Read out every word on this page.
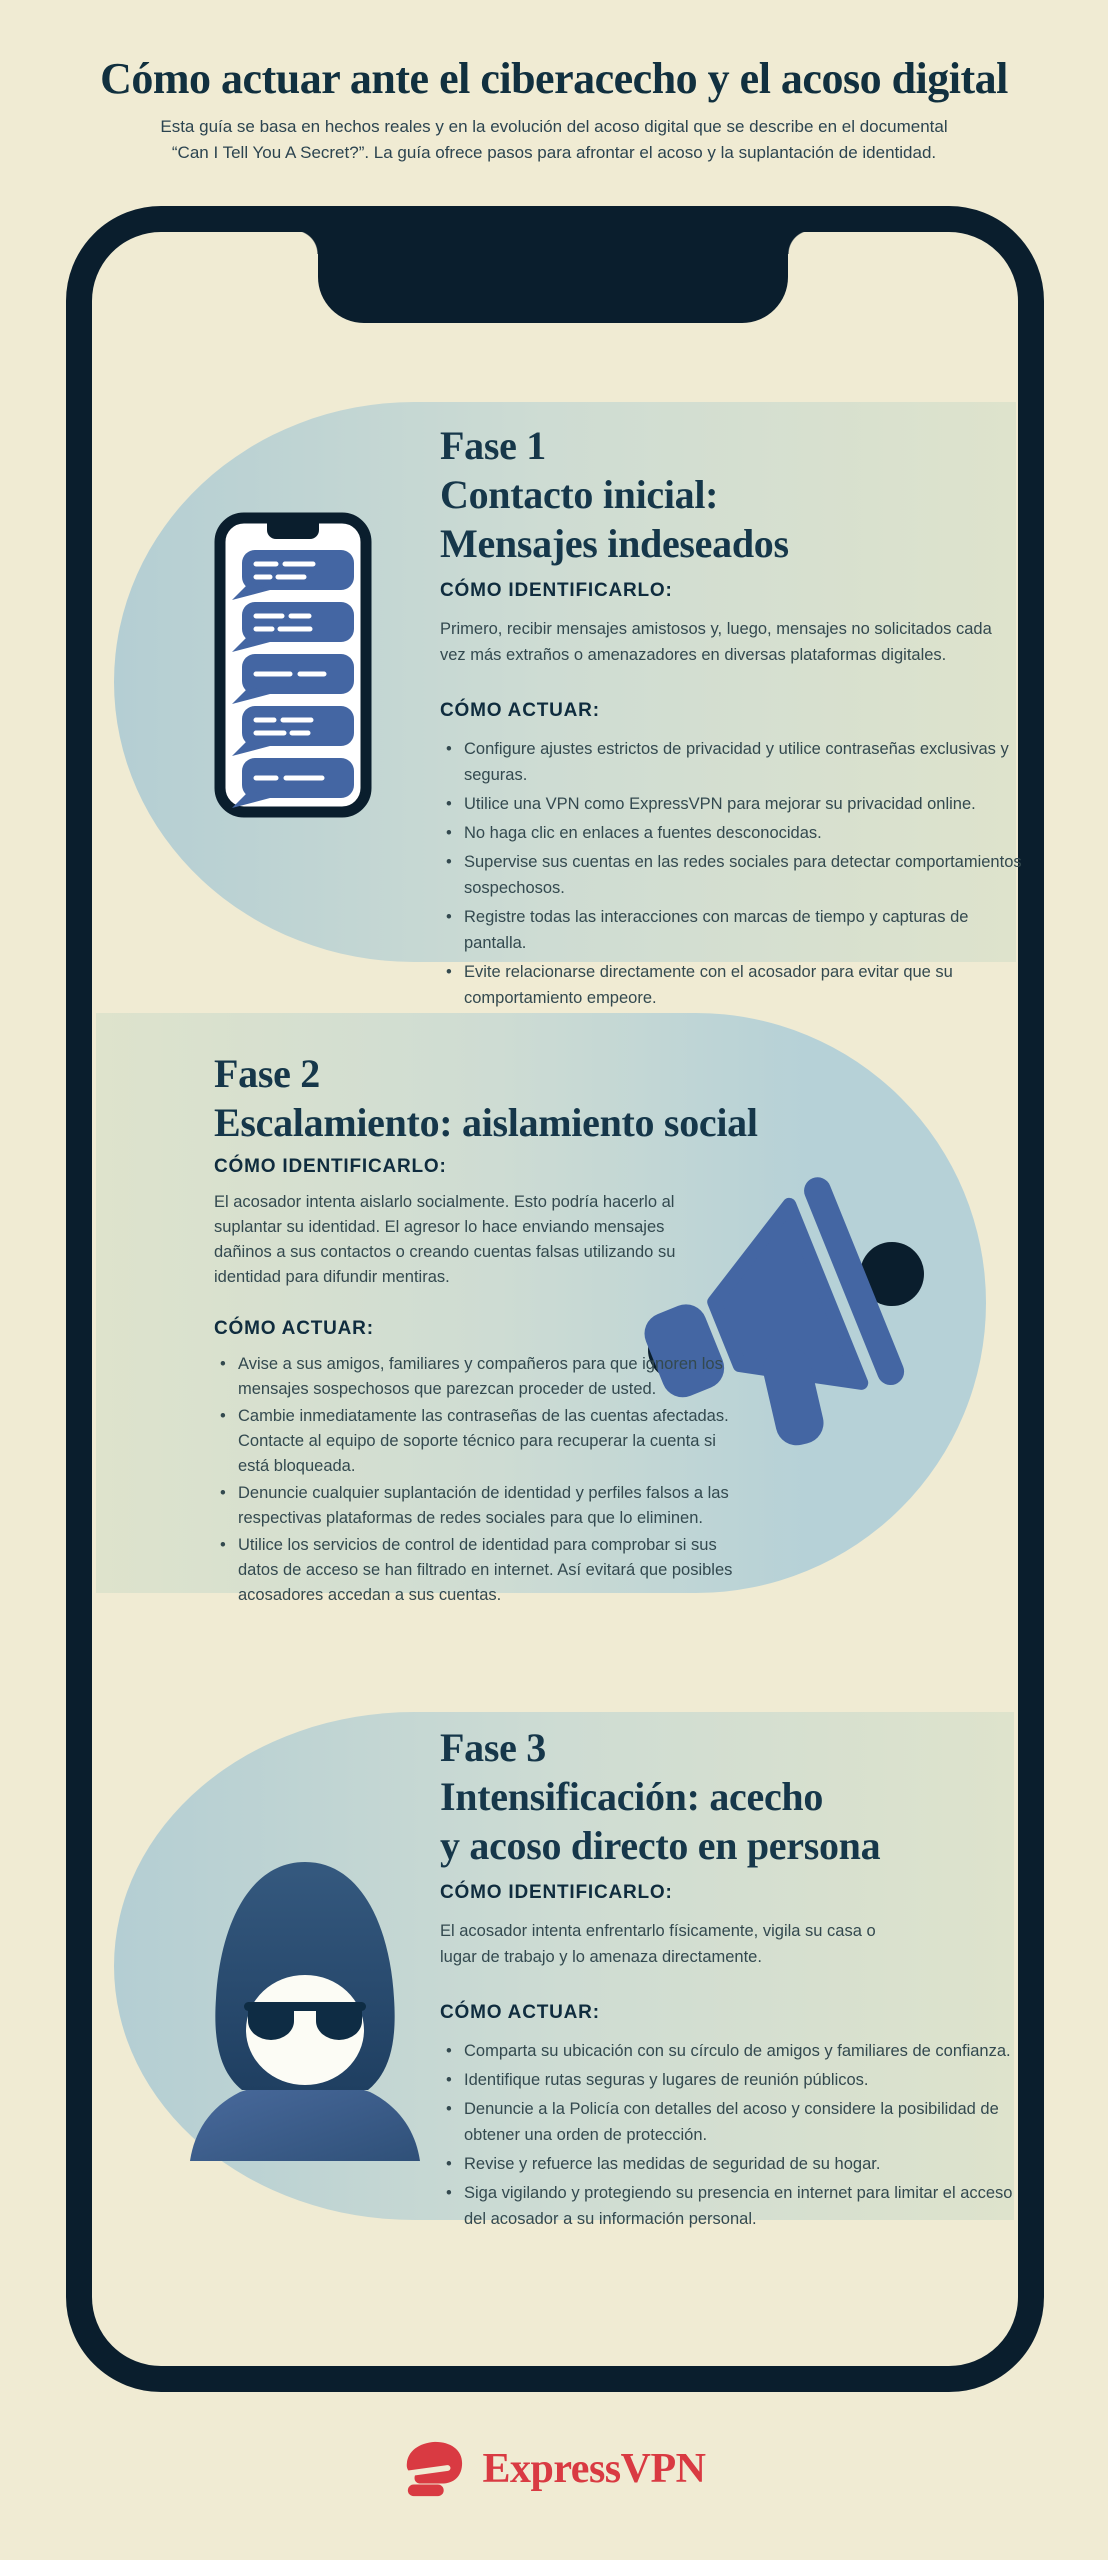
Cómo actuar ante el ciberacecho y el acoso digital

Esta guía se basa en hechos reales y en la evolución del acoso digital que se describe en el documental “Can I Tell You A Secret?”. La guía ofrece pasos para afrontar el acoso y la suplantación de identidad.

Fase 1
Contacto inicial:
Mensajes indeseados
CÓMO IDENTIFICARLO:

Primero, recibir mensajes amistosos y, luego, mensajes no solicitados cada vez más extraños o amenazadores en diversas plataformas digitales.

CÓMO ACTUAR:
• Configure ajustes estrictos de privacidad y utilice contraseñas exclusivas y seguras.
• Utilice una VPN como ExpressVPN para mejorar su privacidad online.
• No haga clic en enlaces a fuentes desconocidas.
• Supervise sus cuentas en las redes sociales para detectar comportamientos sospechosos.
• Registre todas las interacciones con marcas de tiempo y capturas de pantalla.
• Evite relacionarse directamente con el acosador para evitar que su comportamiento empeore.
Fase 2
Escalamiento: aislamiento social
CÓMO IDENTIFICARLO:

El acosador intenta aislarlo socialmente. Esto podría hacerlo al suplantar su identidad. El agresor lo hace enviando mensajes dañinos a sus contactos o creando cuentas falsas utilizando su identidad para difundir mentiras.

CÓMO ACTUAR:
• Avise a sus amigos, familiares y compañeros para que ignoren los mensajes sospechosos que parezcan proceder de usted.
• Cambie inmediatamente las contraseñas de las cuentas afectadas. Contacte al equipo de soporte técnico para recuperar la cuenta si está bloqueada.
• Denuncie cualquier suplantación de identidad y perfiles falsos a las respectivas plataformas de redes sociales para que lo eliminen.
• Utilice los servicios de control de identidad para comprobar si sus datos de acceso se han filtrado en internet. Así evitará que posibles acosadores accedan a sus cuentas.
Fase 3
Intensificación: acecho
y acoso directo en persona
CÓMO IDENTIFICARLO:

El acosador intenta enfrentarlo físicamente, vigila su casa o lugar de trabajo y lo amenaza directamente.

CÓMO ACTUAR:
• Comparta su ubicación con su círculo de amigos y familiares de confianza.
• Identifique rutas seguras y lugares de reunión públicos.
• Denuncie a la Policía con detalles del acoso y considere la posibilidad de obtener una orden de protección.
• Revise y refuerce las medidas de seguridad de su hogar.
• Siga vigilando y protegiendo su presencia en internet para limitar el acceso del acosador a su información personal.
ExpressVPN
